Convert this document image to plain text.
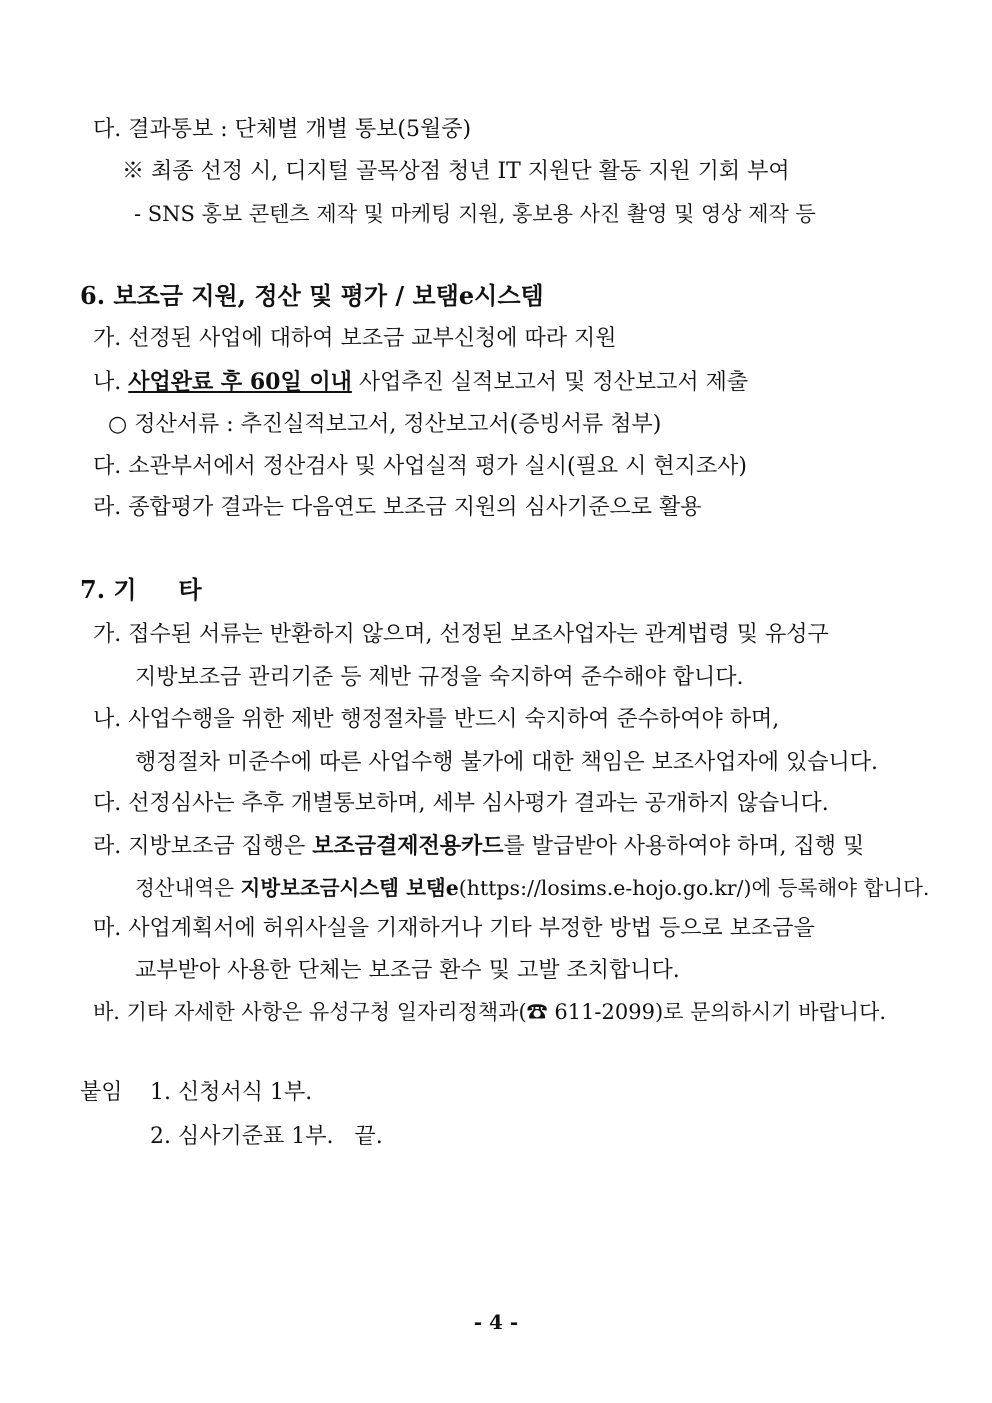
다. 결과통보 : 단체별 개별 통보(5월중)
※ 최종 선정 시, 디지털 골목상점 청년 IT 지원단 활동 지원 기회 부여
- SNS 홍보 콘텐츠 제작 및 마케팅 지원, 홍보용 사진 촬영 및 영상 제작 등
6. 보조금 지원, 정산 및 평가 / 보탬e시스템
가. 선정된 사업에 대하여 보조금 교부신청에 따라 지원
나. 사업완료 후 60일 이내 사업추진 실적보고서 및 정산보고서 제출
○ 정산서류 : 추진실적보고서, 정산보고서(증빙서류 첨부)
다. 소관부서에서 정산검사 및 사업실적 평가 실시(필요 시 현지조사)
라. 종합평가 결과는 다음연도 보조금 지원의 심사기준으로 활용
7. 기     타
가. 접수된 서류는 반환하지 않으며, 선정된 보조사업자는 관계법령 및 유성구
지방보조금 관리기준 등 제반 규정을 숙지하여 준수해야 합니다.
나. 사업수행을 위한 제반 행정절차를 반드시 숙지하여 준수하여야 하며,
행정절차 미준수에 따른 사업수행 불가에 대한 책임은 보조사업자에 있습니다.
다. 선정심사는 추후 개별통보하며, 세부 심사평가 결과는 공개하지 않습니다.
라. 지방보조금 집행은 보조금결제전용카드를 발급받아 사용하여야 하며, 집행 및
정산내역은 지방보조금시스템 보탬e(https://losims.e-hojo.go.kr/)에 등록해야 합니다.
마. 사업계획서에 허위사실을 기재하거나 기타 부정한 방법 등으로 보조금을
교부받아 사용한 단체는 보조금 환수 및 고발 조치합니다.
바. 기타 자세한 사항은 유성구청 일자리정책과(☎ 611-2099)로 문의하시기 바랍니다.
붙임 1. 신청서식 1부.
2. 심사기준표 1부.   끝.
- 4 -
